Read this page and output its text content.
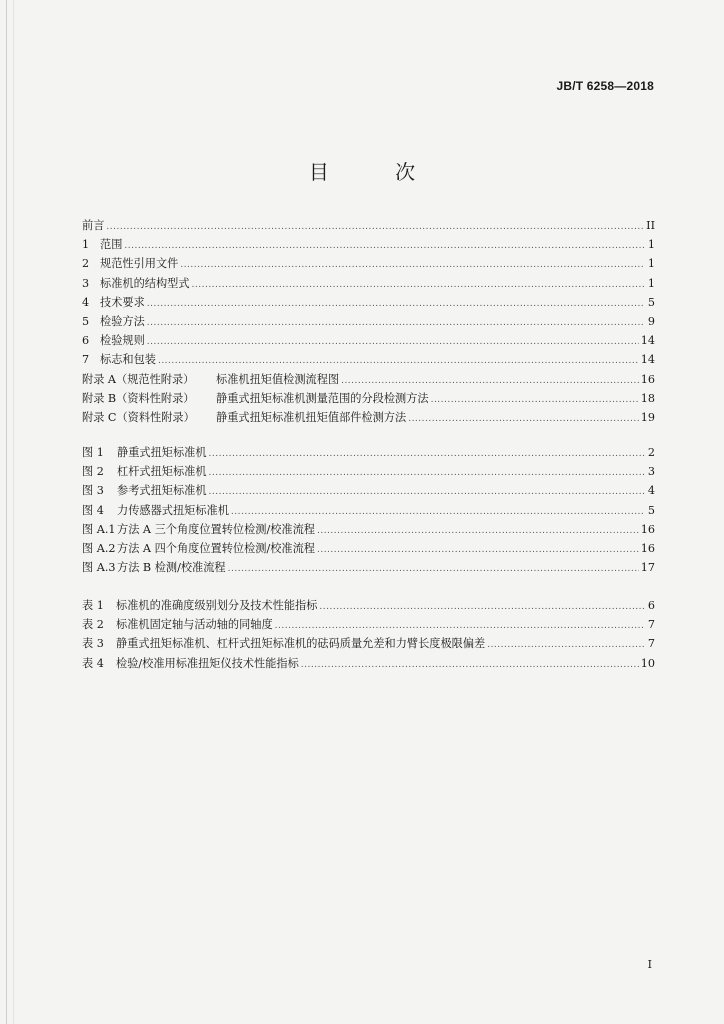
JB/T 6258—2018
目 次
前言 .....	II
1 范围 .....	1
2 规范性引用文件 .....	1
3 标准机的结构型式 .....	1
4 技术要求 .....	5
5 检验方法 .....	9
6 检验规则 .....	14
7 标志和包装 .....	14
附录 A（规范性附录）	标准机扭矩值检测流程图 .....	16
附录 B（资料性附录）	静重式扭矩标准机测量范围的分段检测方法 .....	18
附录 C（资料性附录）	静重式扭矩标准机扭矩值部件检测方法 .....	19
图 1	静重式扭矩标准机 .....	2
图 2	杠杆式扭矩标准机 .....	3
图 3	参考式扭矩标准机 .....	4
图 4	力传感器式扭矩标准机 .....	5
图 A.1 方法 A 三个角度位置转位检测/校准流程 .....	16
图 A.2 方法 A 四个角度位置转位检测/校准流程 .....	16
图 A.3 方法 B 检测/校准流程 .....	17
表 1	标准机的准确度级别划分及技术性能指标 .....	6
表 2	标准机固定轴与活动轴的同轴度 .....	7
表 3	静重式扭矩标准机、杠杆式扭矩标准机的砝码质量允差和力臂长度极限偏差 .....	7
表 4	检验/校准用标准扭矩仪技术性能指标 .....	10
I
